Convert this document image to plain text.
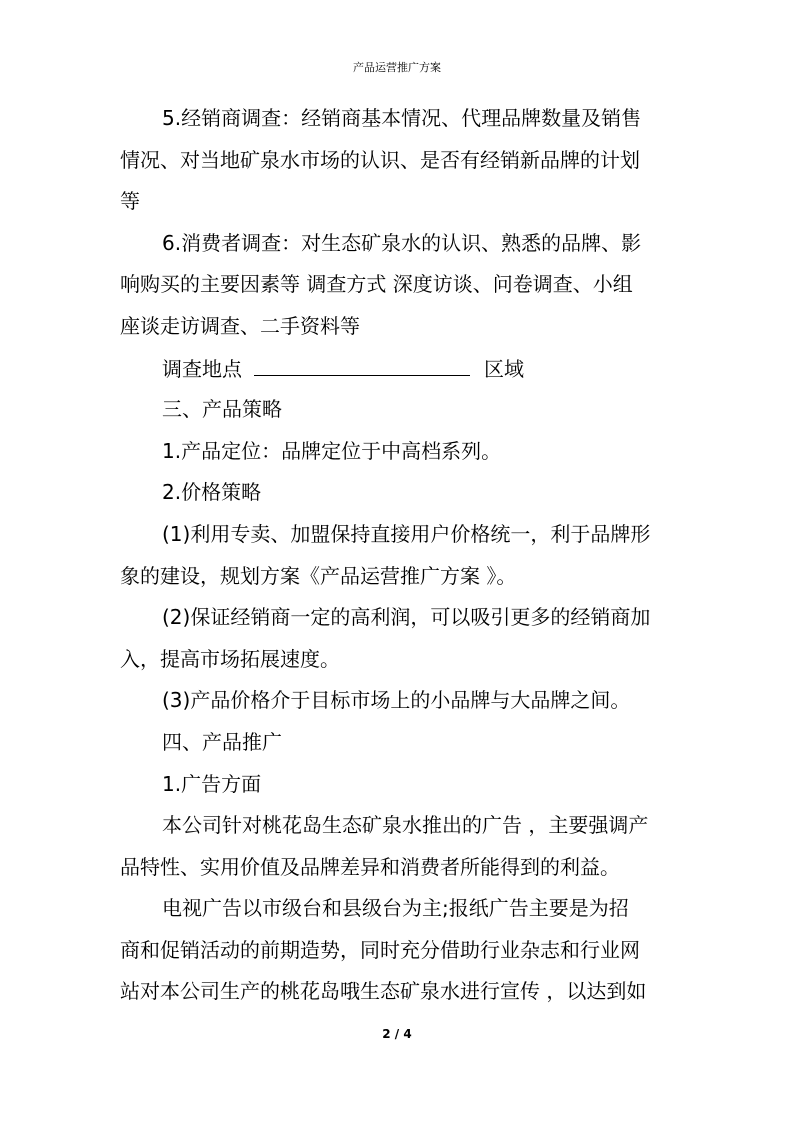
产品运营推广方案
5.经销商调查：经销商基本情况、代理品牌数量及销售
情况、对当地矿泉水市场的认识、是否有经销新品牌的计划
等
6.消费者调查：对生态矿泉水的认识、熟悉的品牌、影
响购买的主要因素等 调查方式 深度访谈、问卷调查、小组
座谈走访调查、二手资料等
调查地点	区域
三、产品策略
1.产品定位：品牌定位于中高档系列。
2.价格策略
(1)利用专卖、加盟保持直接用户价格统一，利于品牌形
象的建设，规划方案《产品运营推广方案 》。
(2)保证经销商一定的高利润，可以吸引更多的经销商加
入，提高市场拓展速度。
(3)产品价格介于目标市场上的小品牌与大品牌之间。
四、产品推广
1.广告方面
本公司针对桃花岛生态矿泉水推出的广告 ，主要强调产
品特性、实用价值及品牌差异和消费者所能得到的利益。
电视广告以市级台和县级台为主;报纸广告主要是为招
商和促销活动的前期造势，同时充分借助行业杂志和行业网
站对本公司生产的桃花岛哦生态矿泉水进行宣传 ，以达到如
2 / 4
